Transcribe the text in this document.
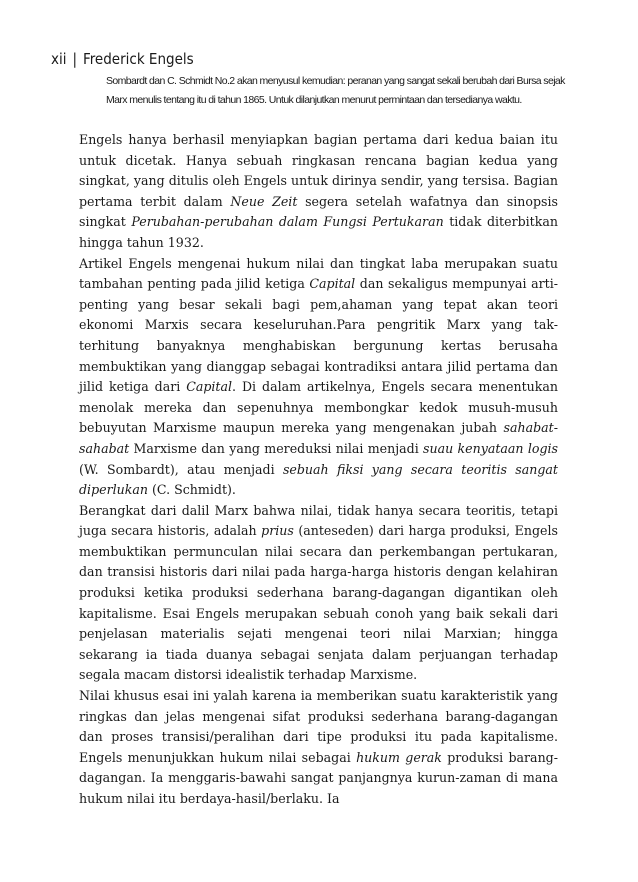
xii | Frederick Engels
Sombardt dan C. Schmidt No.2 akan menyusul kemudian: peranan yang sangat sekali berubah dari Bursa sejak Marx menulis tentang itu di tahun 1865. Untuk dilanjutkan menurut permintaan dan tersedianya waktu.

Engels hanya berhasil menyiapkan bagian pertama dari kedua baian itu untuk dicetak. Hanya sebuah ringkasan rencana bagian kedua yang singkat, yang ditulis oleh Engels untuk dirinya sendir, yang tersisa. Bagian pertama terbit dalam Neue Zeit segera setelah wafatnya dan sinopsis singkat Perubahan-perubahan dalam Fungsi Pertukaran tidak diterbitkan hingga tahun 1932.

Artikel Engels mengenai hukum nilai dan tingkat laba merupakan suatu tambahan penting pada jilid ketiga Capital dan sekaligus mempunyai arti-penting yang besar sekali bagi pem,ahaman yang tepat akan teori ekonomi Marxis secara keseluruhan.Para pengritik Marx yang tak-terhitung banyaknya menghabiskan bergunung kertas berusaha membuktikan yang dianggap sebagai kontradiksi antara jilid pertama dan jilid ketiga dari Capital. Di dalam artikelnya, Engels secara menentukan menolak mereka dan sepenuhnya membongkar kedok musuh-musuh bebuyutan Marxisme maupun mereka yang mengenakan jubah sahabat-sahabat Marxisme dan yang mereduksi nilai menjadi suau kenyataan logis (W. Sombardt), atau menjadi sebuah fiksi yang secara teoritis sangat diperlukan (C. Schmidt).

Berangkat dari dalil Marx bahwa nilai, tidak hanya secara teoritis, tetapi juga secara historis, adalah prius (anteseden) dari harga produksi, Engels membuktikan permunculan nilai secara dan perkembangan pertukaran, dan transisi historis dari nilai pada harga-harga historis dengan kelahiran produksi ketika produksi sederhana barang-dagangan digantikan oleh kapitalisme. Esai Engels merupakan sebuah conoh yang baik sekali dari penjelasan materialis sejati mengenai teori nilai Marxian; hingga sekarang ia tiada duanya sebagai senjata dalam perjuangan terhadap segala macam distorsi idealistik terhadap Marxisme.

Nilai khusus esai ini yalah karena ia memberikan suatu karakteristik yang ringkas dan jelas mengenai sifat produksi sederhana barang-dagangan dan proses transisi/peralihan dari tipe produksi itu pada kapitalisme. Engels menunjukkan hukum nilai sebagai hukum gerak produksi barang-dagangan. Ia menggaris-bawahi sangat panjangnya kurun-zaman di mana hukum nilai itu berdaya-hasil/berlaku. Ia
